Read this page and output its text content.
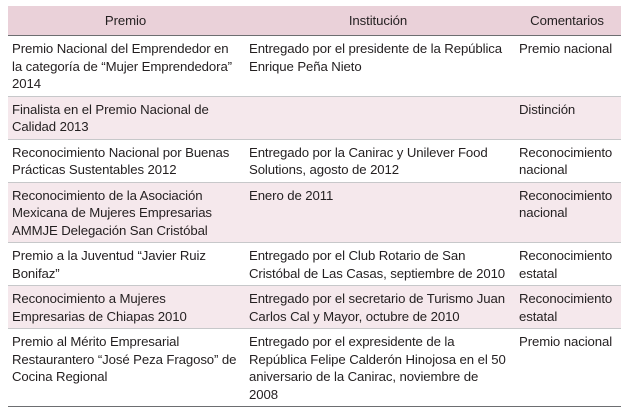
Premio	Institución	Comentarios
Premio Nacional del Emprendedor en la categoría de “Mujer Emprendedora” 2014	Entregado por el presidente de la República Enrique Peña Nieto	Premio nacional
Finalista en el Premio Nacional de Calidad 2013		Distinción
Reconocimiento Nacional por Buenas Prácticas Sustentables 2012	Entregado por la Canirac y Unilever Food Solutions, agosto de 2012	Reconocimiento nacional
Reconocimiento de la Asociación Mexicana de Mujeres Empresarias AMMJE Delegación San Cristóbal	Enero de 2011	Reconocimiento nacional
Premio a la Juventud “Javier Ruiz Bonifaz”	Entregado por el Club Rotario de San Cristóbal de Las Casas, septiembre de 2010	Reconocimiento estatal
Reconocimiento a Mujeres Empresarias de Chiapas 2010	Entregado por el secretario de Turismo Juan Carlos Cal y Mayor, octubre de 2010	Reconocimiento estatal
Premio al Mérito Empresarial Restaurantero “José Peza Fragoso” de Cocina Regional	Entregado por el expresidente de la República Felipe Calderón Hinojosa en el 50 aniversario de la Canirac, noviembre de 2008	Premio nacional
